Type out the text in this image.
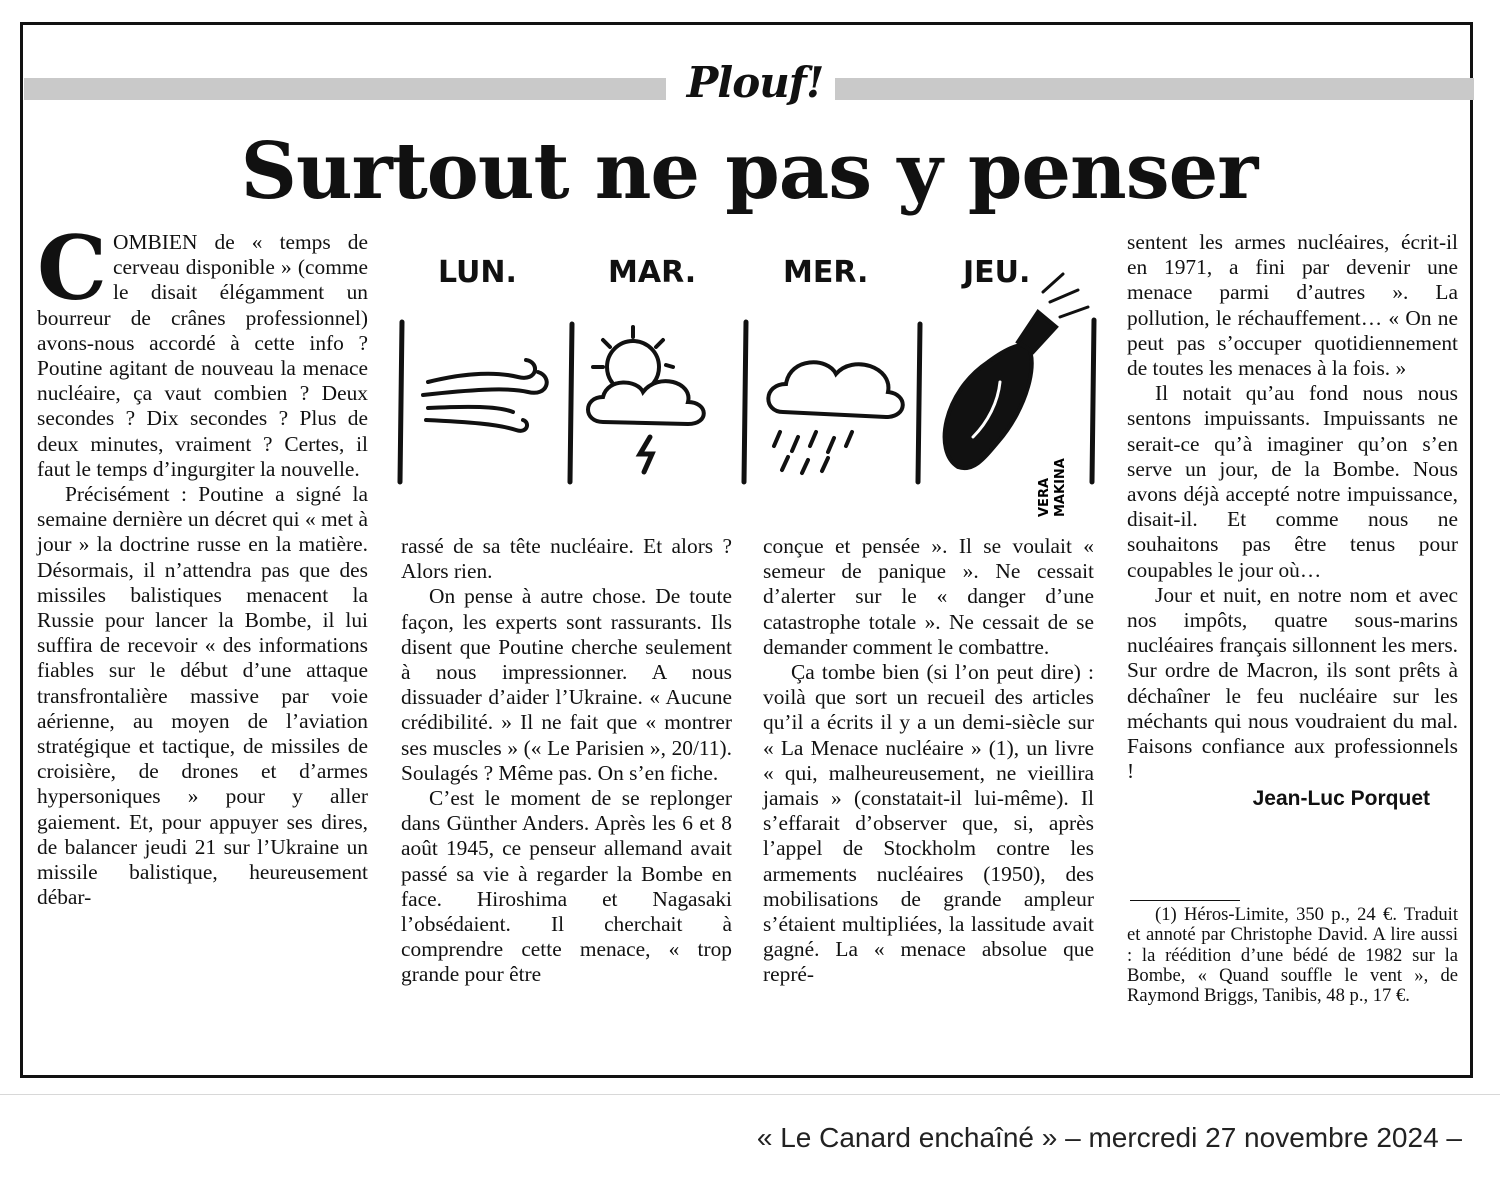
Plouf!
Surtout ne pas y penser

COMBIEN de « temps de cerveau disponible » (comme le disait élégamment un bourreur de crânes professionnel) avons-nous accordé à cette info ? Poutine agitant de nouveau la menace nucléaire, ça vaut combien ? Deux secondes ? Dix secondes ? Plus de deux minutes, vraiment ? Certes, il faut le temps d’ingurgiter la nouvelle.

Précisément : Poutine a signé la semaine dernière un décret qui « met à jour » la doctrine russe en la matière. Désormais, il n’attendra pas que des missiles balistiques menacent la Russie pour lancer la Bombe, il lui suffira de recevoir « des informations fiables sur le début d’une attaque transfrontalière massive par voie aérienne, au moyen de l’aviation stratégique et tactique, de missiles de croisière, de drones et d’armes hypersoniques » pour y aller gaiement. Et, pour appuyer ses dires, de balancer jeudi 21 sur l’Ukraine un missile balistique, heureusement débar-

LUN.	MAR.	MER.	JEU.
VERA MAKINA

rassé de sa tête nucléaire. Et alors ? Alors rien.

On pense à autre chose. De toute façon, les experts sont rassurants. Ils disent que Poutine cherche seulement à nous impressionner. A nous dissuader d’aider l’Ukraine. « Aucune crédibilité. » Il ne fait que « montrer ses muscles » (« Le Parisien », 20/11). Soulagés ? Même pas. On s’en fiche.

C’est le moment de se replonger dans Günther Anders. Après les 6 et 8 août 1945, ce penseur allemand avait passé sa vie à regarder la Bombe en face. Hiroshima et Nagasaki l’obsédaient. Il cherchait à comprendre cette menace, « trop grande pour être

conçue et pensée ». Il se voulait « semeur de panique ». Ne cessait d’alerter sur le « danger d’une catastrophe totale ». Ne cessait de se demander comment le combattre.

Ça tombe bien (si l’on peut dire) : voilà que sort un recueil des articles qu’il a écrits il y a un demi-siècle sur « La Menace nucléaire » (1), un livre « qui, malheureusement, ne vieillira jamais » (constatait-il lui-même). Il s’effarait d’observer que, si, après l’appel de Stockholm contre les armements nucléaires (1950), des mobilisations de grande ampleur s’étaient multipliées, la lassitude avait gagné. La « menace absolue que repré-

sentent les armes nucléaires, écrit-il en 1971, a fini par devenir une menace parmi d’autres ». La pollution, le réchauffement… « On ne peut pas s’occuper quotidiennement de toutes les menaces à la fois. »

Il notait qu’au fond nous nous sentons impuissants. Impuissants ne serait-ce qu’à imaginer qu’on s’en serve un jour, de la Bombe. Nous avons déjà accepté notre impuissance, disait-il. Et comme nous ne souhaitons pas être tenus pour coupables le jour où…

Jour et nuit, en notre nom et avec nos impôts, quatre sous-marins nucléaires français sillonnent les mers. Sur ordre de Macron, ils sont prêts à déchaîner le feu nucléaire sur les méchants qui nous voudraient du mal. Faisons confiance aux professionnels !

Jean-Luc Porquet

(1) Héros-Limite, 350 p., 24 €. Traduit et annoté par Christophe David. A lire aussi : la réédition d’une bédé de 1982 sur la Bombe, « Quand souffle le vent », de Raymond Briggs, Tanibis, 48 p., 17 €.

« Le Canard enchaîné » – mercredi 27 novembre 2024 –
